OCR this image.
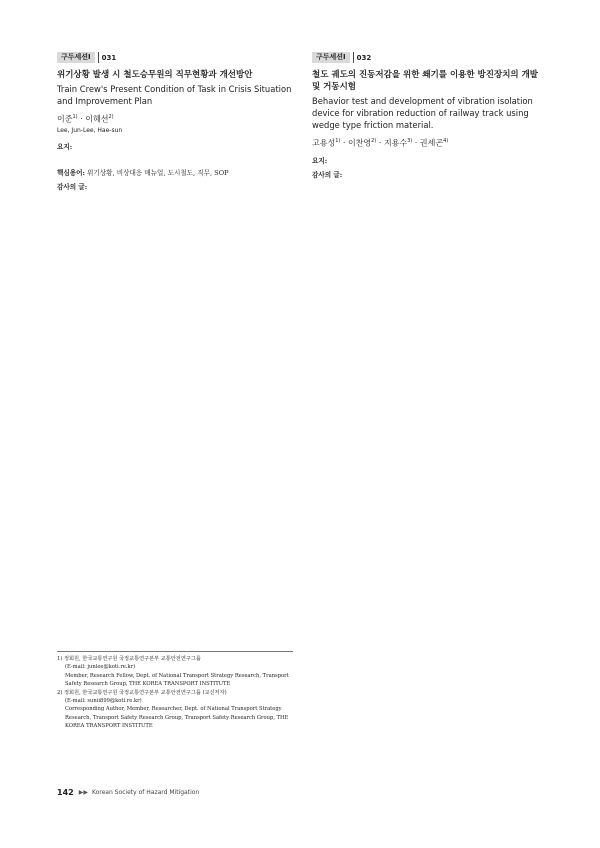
구두세션Ⅰ	031

위기상황 발생 시 철도승무원의 직무현황과 개선방안

Train Crew's Present Condition of Task in Crisis Situation and Improvement Plan

이준$^{1)}$ · 이혜선$^{2)}$

Lee, Jun-Lee, Hae-sun

요지:

핵심용어: 위기상황, 비상대응 매뉴얼, 도시철도, 직무, SOP

감사의 글:

구두세션Ⅰ	032

철도 궤도의 진동저감을 위한 쐐기를 이용한 방진장치의 개발 및 거동시험

Behavior test and development of vibration isolation device for vibration reduction of railway track using wedge type friction material.

고용성$^{1)}$ · 이찬영$^{2)}$ · 지용수$^{3)}$ · 권세곤$^{4)}$

요지:

감사의 글:

1) 정회원, 한국교통연구원 국정교통연구본부 교통안전연구그룹

(E-mail: junlee@koti.re.kr)

Member, Research Fellow, Dept. of National Transport Strategy Research, Transport Safety Research Group, THE KOREA TRANSPORT INSTITUTE

2) 정회원, 한국교통연구원 국정교통연구본부 교통안전연구그룹 (교신저자)

(E-mail: sunii899@koti.re.kr)

Corresponding Author, Member, Researcher, Dept. of National Transport Strategy Research, Transport Safety Research Group, Transport Safety Research Group, THE KOREA TRANSPORT INSTITUTE

142 ▶▶ Korean Society of Hazard Mitigation
